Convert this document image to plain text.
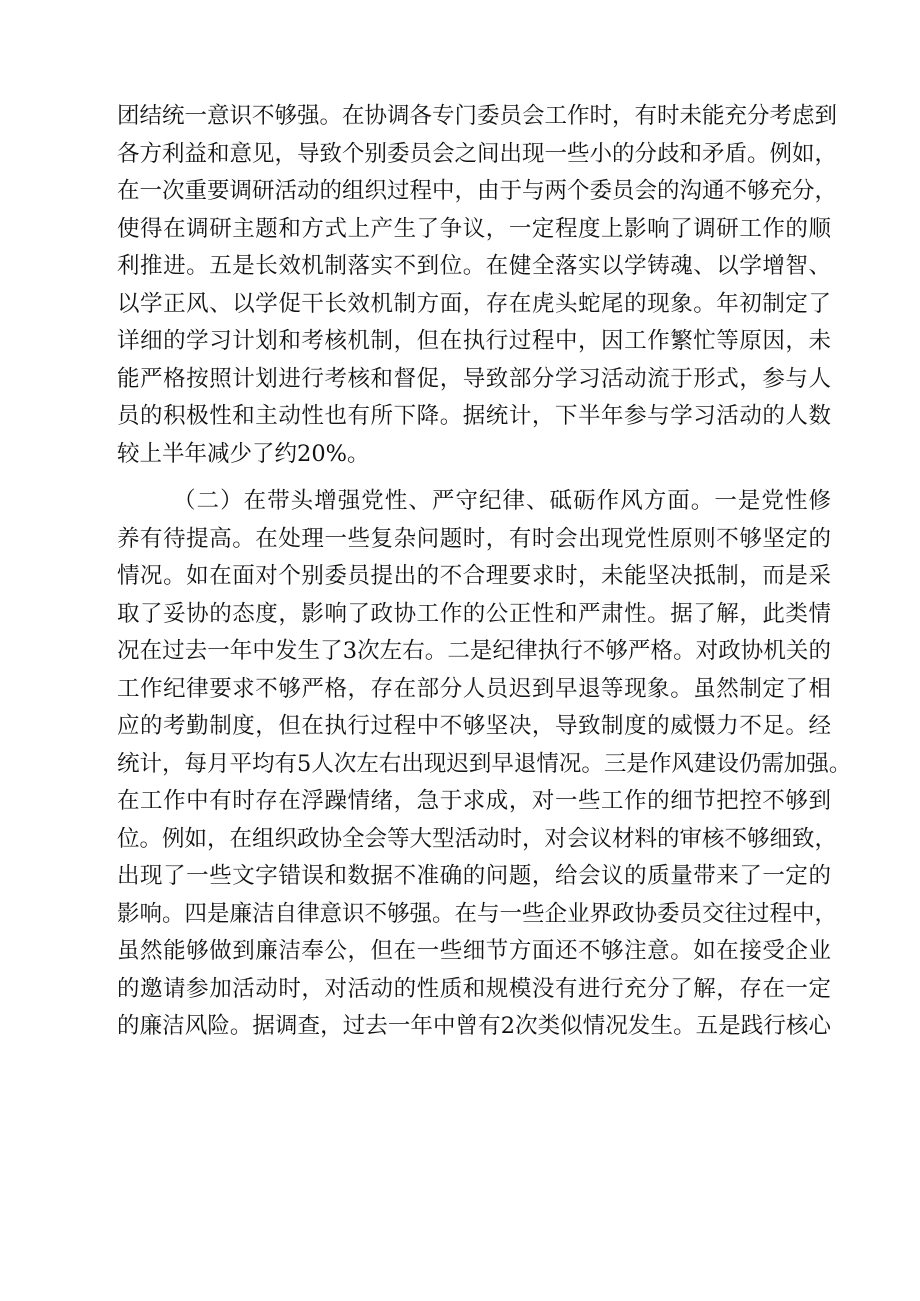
团结统一意识不够强。在协调各专门委员会工作时，有时未能充分考虑到
各方利益和意见，导致个别委员会之间出现一些小的分歧和矛盾。例如，
在一次重要调研活动的组织过程中，由于与两个委员会的沟通不够充分，
使得在调研主题和方式上产生了争议，一定程度上影响了调研工作的顺
利推进。五是长效机制落实不到位。在健全落实以学铸魂、以学增智、
以学正风、以学促干长效机制方面，存在虎头蛇尾的现象。年初制定了
详细的学习计划和考核机制，但在执行过程中，因工作繁忙等原因，未
能严格按照计划进行考核和督促，导致部分学习活动流于形式，参与人
员的积极性和主动性也有所下降。据统计，下半年参与学习活动的人数
较上半年减少了约20%。
（二）在带头增强党性、严守纪律、砥砺作风方面。一是党性修
养有待提高。在处理一些复杂问题时，有时会出现党性原则不够坚定的
情况。如在面对个别委员提出的不合理要求时，未能坚决抵制，而是采
取了妥协的态度，影响了政协工作的公正性和严肃性。据了解，此类情
况在过去一年中发生了3次左右。二是纪律执行不够严格。对政协机关的
工作纪律要求不够严格，存在部分人员迟到早退等现象。虽然制定了相
应的考勤制度，但在执行过程中不够坚决，导致制度的威慑力不足。经
统计，每月平均有5人次左右出现迟到早退情况。三是作风建设仍需加强。
在工作中有时存在浮躁情绪，急于求成，对一些工作的细节把控不够到
位。例如，在组织政协全会等大型活动时，对会议材料的审核不够细致，
出现了一些文字错误和数据不准确的问题，给会议的质量带来了一定的
影响。四是廉洁自律意识不够强。在与一些企业界政协委员交往过程中，
虽然能够做到廉洁奉公，但在一些细节方面还不够注意。如在接受企业
的邀请参加活动时，对活动的性质和规模没有进行充分了解，存在一定
的廉洁风险。据调查，过去一年中曾有2次类似情况发生。五是践行核心
